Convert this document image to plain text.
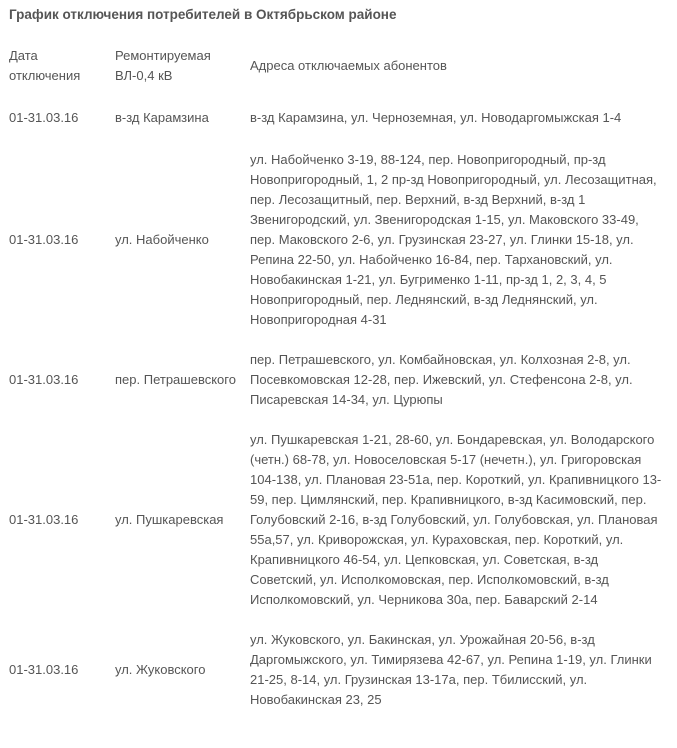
График отключения потребителей в Октябрьском районе
Дата отключения	Ремонтируемая ВЛ-0,4 кВ	Адреса отключаемых абонентов
01-31.03.16	в-зд Карамзина	в-зд Карамзина, ул. Черноземная, ул. Новодаргомыжская 1-4
01-31.03.16	ул. Набойченко	ул. Набойченко 3-19, 88-124, пер. Новопригородный, пр-зд Новопригородный, 1, 2 пр-зд Новопригородный, ул. Лесозащитная, пер. Лесозащитный, пер. Верхний, в-зд Верхний, в-зд 1 Звенигородский, ул. Звенигородская 1-15, ул. Маковского 33-49, пер. Маковского 2-6, ул. Грузинская 23-27, ул. Глинки 15-18, ул. Репина 22-50, ул. Набойченко 16-84, пер. Тархановский, ул. Новобакинская 1-21, ул. Бугрименко 1-11, пр-зд 1, 2, 3, 4, 5 Новопригородный, пер. Леднянский, в-зд Леднянский, ул. Новопригородная 4-31
01-31.03.16	пер. Петрашевского	пер. Петрашевского, ул. Комбайновская, ул. Колхозная 2-8, ул. Посевкомовская 12-28, пер. Ижевский, ул. Стефенсона 2-8, ул. Писаревская 14-34, ул. Цурюпы
01-31.03.16	ул. Пушкаревская	ул. Пушкаревская 1-21, 28-60, ул. Бондаревская, ул. Володарского (четн.) 68-78, ул. Новоселовская 5-17 (нечетн.), ул. Григоровская 104-138, ул. Плановая 23-51а, пер. Короткий, ул. Крапивницкого 13-59, пер. Цимлянский, пер. Крапивницкого, в-зд Касимовский, пер. Голубовский 2-16, в-зд Голубовский, ул. Голубовская, ул. Плановая 55а,57, ул. Криворожская, ул. Кураховская, пер. Короткий, ул. Крапивницкого 46-54, ул. Цепковская, ул. Советская, в-зд Советский, ул. Исполкомовская, пер. Исполкомовский, в-зд Исполкомовский, ул. Черникова 30а, пер. Баварский 2-14
01-31.03.16	ул. Жуковского	ул. Жуковского, ул. Бакинская, ул. Урожайная 20-56, в-зд Даргомыжского, ул. Тимирязева 42-67, ул. Репина 1-19, ул. Глинки 21-25, 8-14, ул. Грузинская 13-17а, пер. Тбилисский, ул. Новобакинская 23, 25
